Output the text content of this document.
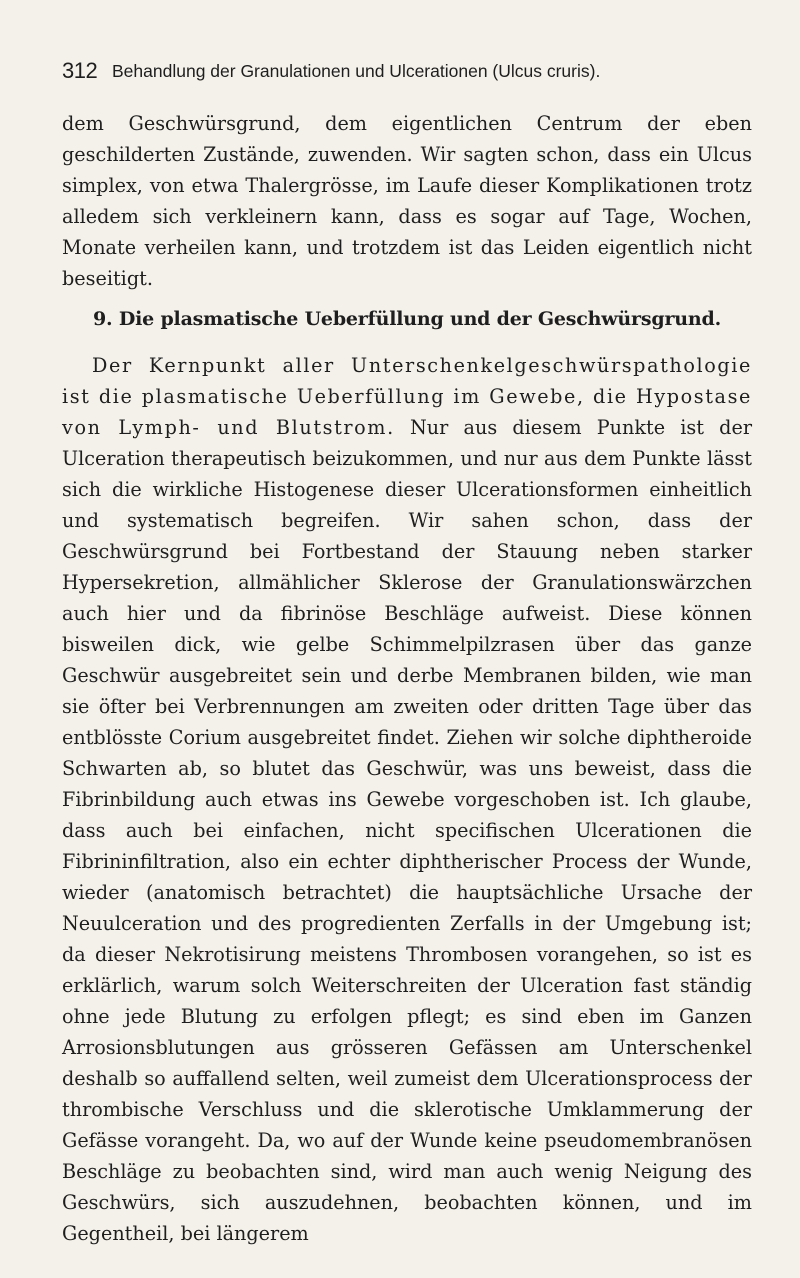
312 Behandlung der Granulationen und Ulcerationen (Ulcus cruris).

dem Geschwürsgrund, dem eigentlichen Centrum der eben geschilderten Zustände, zuwenden. Wir sagten schon, dass ein Ulcus simplex, von etwa Thalergrösse, im Laufe dieser Komplikationen trotz alledem sich verkleinern kann, dass es sogar auf Tage, Wochen, Monate verheilen kann, und trotzdem ist das Leiden eigentlich nicht beseitigt.

9. Die plasmatische Ueberfüllung und der Geschwürsgrund.

Der Kernpunkt aller Unterschenkelgeschwürspathologie ist die plasmatische Ueberfüllung im Gewebe, die Hypostase von Lymph- und Blutstrom. Nur aus diesem Punkte ist der Ulceration therapeutisch beizukommen, und nur aus dem Punkte lässt sich die wirkliche Histogenese dieser Ulcerationsformen einheitlich und systematisch begreifen. Wir sahen schon, dass der Geschwürsgrund bei Fortbestand der Stauung neben starker Hypersekretion, allmählicher Sklerose der Granulationswärzchen auch hier und da fibrinöse Beschläge aufweist. Diese können bisweilen dick, wie gelbe Schimmelpilzrasen über das ganze Geschwür ausgebreitet sein und derbe Membranen bilden, wie man sie öfter bei Verbrennungen am zweiten oder dritten Tage über das entblösste Corium ausgebreitet findet. Ziehen wir solche diphtheroide Schwarten ab, so blutet das Geschwür, was uns beweist, dass die Fibrinbildung auch etwas ins Gewebe vorgeschoben ist. Ich glaube, dass auch bei einfachen, nicht specifischen Ulcerationen die Fibrininfiltration, also ein echter diphtherischer Process der Wunde, wieder (anatomisch betrachtet) die hauptsächliche Ursache der Neuulceration und des progredienten Zerfalls in der Umgebung ist; da dieser Nekrotisirung meistens Thrombosen vorangehen, so ist es erklärlich, warum solch Weiterschreiten der Ulceration fast ständig ohne jede Blutung zu erfolgen pflegt; es sind eben im Ganzen Arrosionsblutungen aus grösseren Gefässen am Unterschenkel deshalb so auffallend selten, weil zumeist dem Ulcerationsprocess der thrombische Verschluss und die sklerotische Umklammerung der Gefässe vorangeht. Da, wo auf der Wunde keine pseudomembranösen Beschläge zu beobachten sind, wird man auch wenig Neigung des Geschwürs, sich auszudehnen, beobachten können, und im Gegentheil, bei längerem
